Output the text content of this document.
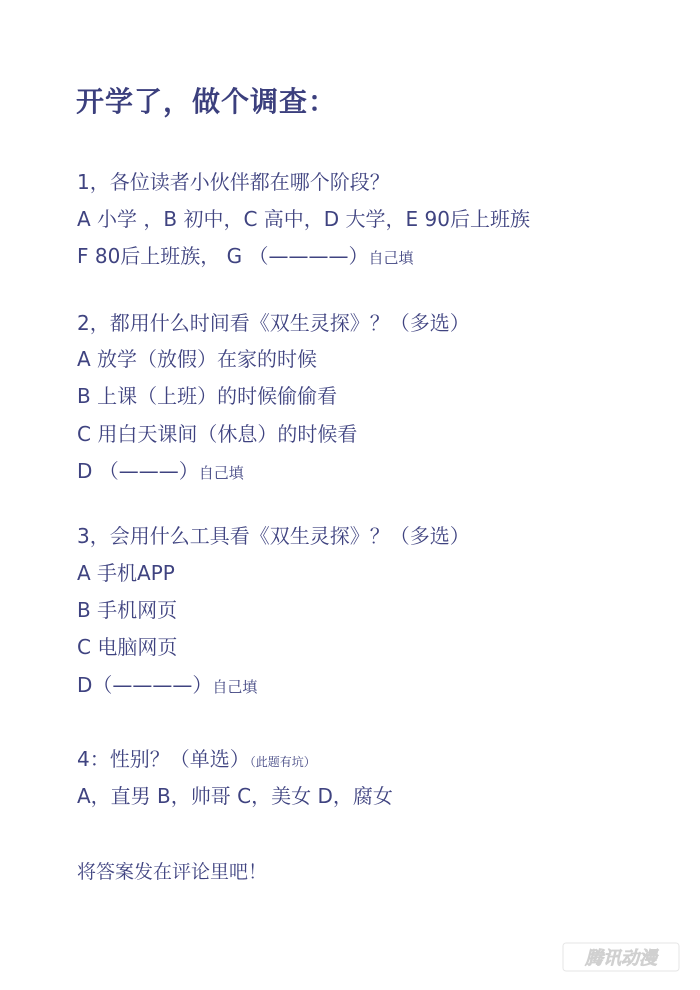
开学了，做个调查：
1，各位读者小伙伴都在哪个阶段？
A 小学 ，B 初中，C 高中，D 大学，E 90后上班族
F 80后上班族， G （————）自己填
2，都用什么时间看《双生灵探》？（多选）
A 放学（放假）在家的时候
B 上课（上班）的时候偷偷看
C 用白天课间（休息）的时候看
D （———）自己填
3，会用什么工具看《双生灵探》？（多选）
A 手机APP
B 手机网页
C 电脑网页
D（————）自己填
4：性别？（单选）（此题有坑）
A，直男 B，帅哥 C，美女 D，腐女
将答案发在评论里吧！
腾讯动漫
